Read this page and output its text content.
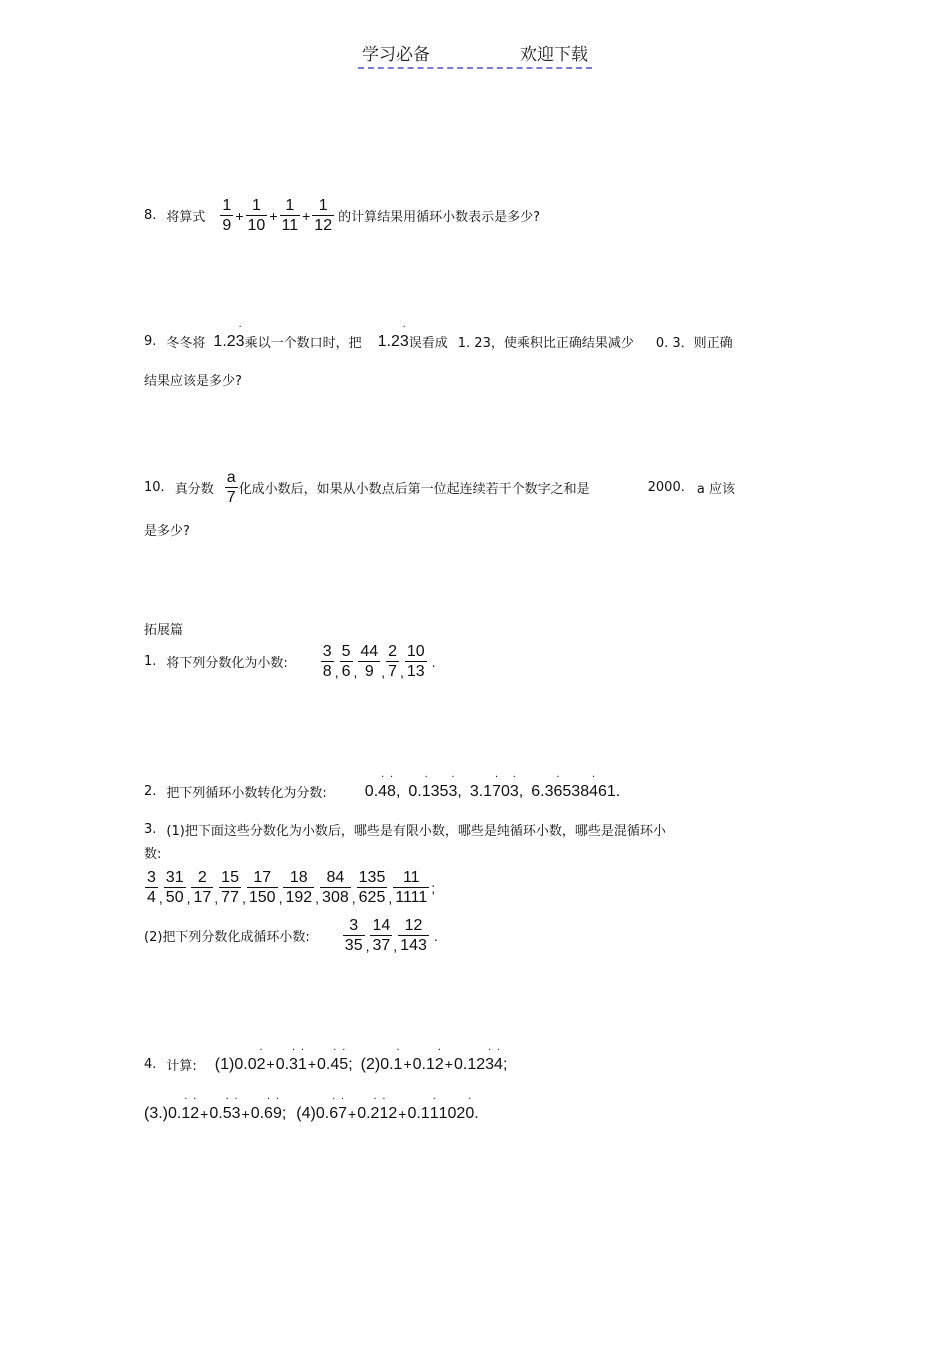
学习必备	欢迎下载
8. 将算式 $\frac{1}{9} + \frac{1}{10} + \frac{1}{11} + \frac{1}{12}$ 的计算结果用循环小数表示是多少?
9. 冬冬将 1.2. 3 乘以一个数口时，把 1.2. 3 误看成 1. 23，使乘积比正确结果减少 0. 3．则正确
结果应该是多少?
10. 真分数 $\frac{a}{7}$ 化成小数后，如果从小数点后第一位起连续若干个数字之和是	2000. a 应该
是多少?
拓展篇
1. 将下列分数化为小数: $\frac{3}{8}$ , $\frac{5}{6}$ , $\frac{44}{9}$ , $\frac{2}{7}$ , $\frac{10}{13}$ .
2. 把下列循环小数转化为分数: 0.. 4. 8, 0.. 135. 3, 3.1. 70. 3, 6.3. 6538. 461.
3. (1)把下面这些分数化为小数后，哪些是有限小数，哪些是纯循环小数，哪些是混循环小
数:
$\frac{3}{4}$ , $\frac{31}{50}$ , $\frac{2}{17}$ , $\frac{15}{77}$ , $\frac{17}{150}$ , $\frac{18}{192}$ , $\frac{84}{308}$ , $\frac{135}{625}$ , $\frac{11}{1111}$ ;
(2)把下列分数化成循环小数: $\frac{3}{35}$ , $\frac{14}{37}$ , $\frac{12}{143}$ .
4. 计算: (1)0.0. 2+0.. 3. 1+0.. 4. 5; (2)0.. 1+0.1. 2+0.12. 3. 4;
(3.)0.. 1. 2+0.. 5. 3+0.. 6. 9; (4)0.. 6. 7+0.. 2. 12+0.1. 1102. 0.
